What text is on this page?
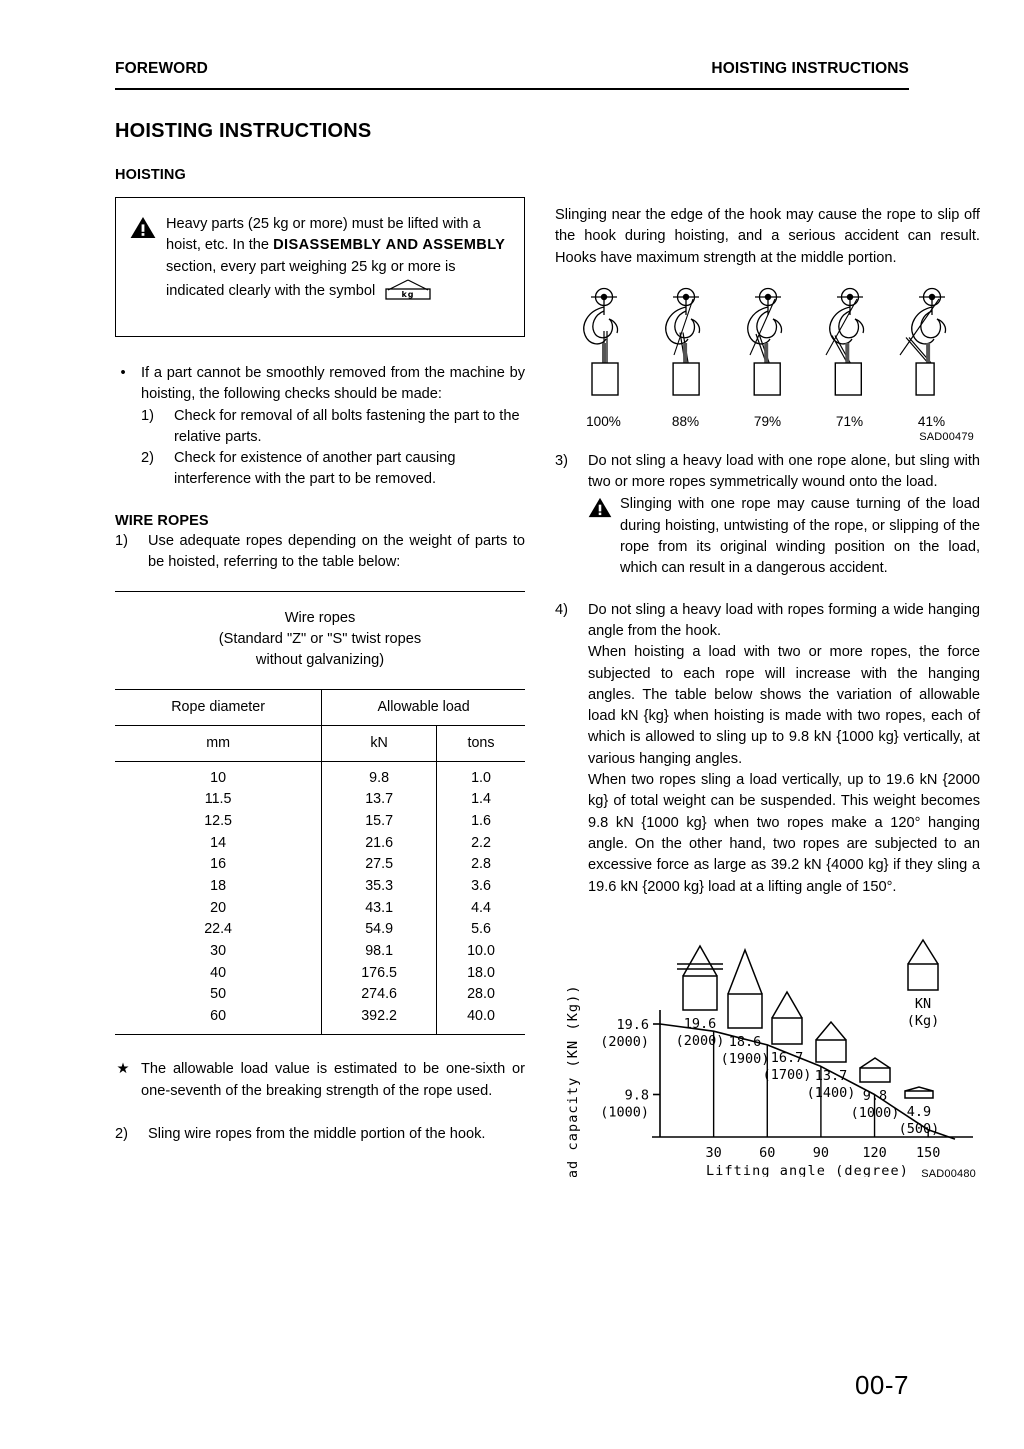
FOREWORD	HOISTING INSTRUCTIONS
HOISTING INSTRUCTIONS
HOISTING

Heavy parts (25 kg or more) must be lifted with a hoist, etc. In the DISASSEMBLY AND ASSEMBLY section, every part weighing 25 kg or more is indicated clearly with the symbol	kg

•	If a part cannot be smoothly removed from the machine by hoisting, the following checks should be made:
1)	Check for removal of all bolts fastening the part to the relative parts.
2)	Check for existence of another part causing interference with the part to be removed.
WIRE ROPES
1)	Use adequate ropes depending on the weight of parts to be hoisted, referring to the table below:
Wire ropes
(Standard "Z" or "S" twist ropes
without galvanizing)
Rope diameter	Allowable load	
mm	kN	tons
10	9.8	1.0
11.5	13.7	1.4
12.5	15.7	1.6
14	21.6	2.2
16	27.5	2.8
18	35.3	3.6
20	43.1	4.4
22.4	54.9	5.6
30	98.1	10.0
40	176.5	18.0
50	274.6	28.0
60	392.2	40.0
★ The allowable load value is estimated to be one-sixth or one-seventh of the breaking strength of the rope used.
2)	Sling wire ropes from the middle portion of the hook.

Slinging near the edge of the hook may cause the rope to slip off the hook during hoisting, and a serious accident can result. Hooks have maximum strength at the middle portion.

100%	88%	79%	71%	41%
SAD00479
3)	Do not sling a heavy load with one rope alone, but sling with two or more ropes symmetrically wound onto the load.
Slinging with one rope may cause turning of the load during hoisting, untwisting of the rope, or slipping of the rope from its original winding position on the load, which can result in a dangerous accident.
4)	Do not sling a heavy load with ropes forming a wide hanging angle from the hook.
When hoisting a load with two or more ropes, the force subjected to each rope will increase with the hanging angles. The table below shows the variation of allowable load kN {kg} when hoisting is made with two ropes, each of which is allowed to sling up to 9.8 kN {1000 kg} vertically, at various hanging angles.
When two ropes sling a load vertically, up to 19.6 kN {2000 kg} of total weight can be suspended. This weight becomes 9.8 kN {1000 kg} when two ropes make a 120° hanging angle. On the other hand, two ropes are subjected to an excessive force as large as 39.2 kN {4000 kg} if they sling a 19.6 kN {2000 kg} load at a lifting angle of 150°.
19.6
(2000)
9.8
(1000)
30	60	90 120 150
Lifting angle (degree)
Load capacity (KN (Kg))	19.6
(2000) 18.6
(1900) 16.7
(1700) 13.7
(1400) 9.8
(1000) 4.9
(500)
KN
(Kg)
SAD00480
00-7
